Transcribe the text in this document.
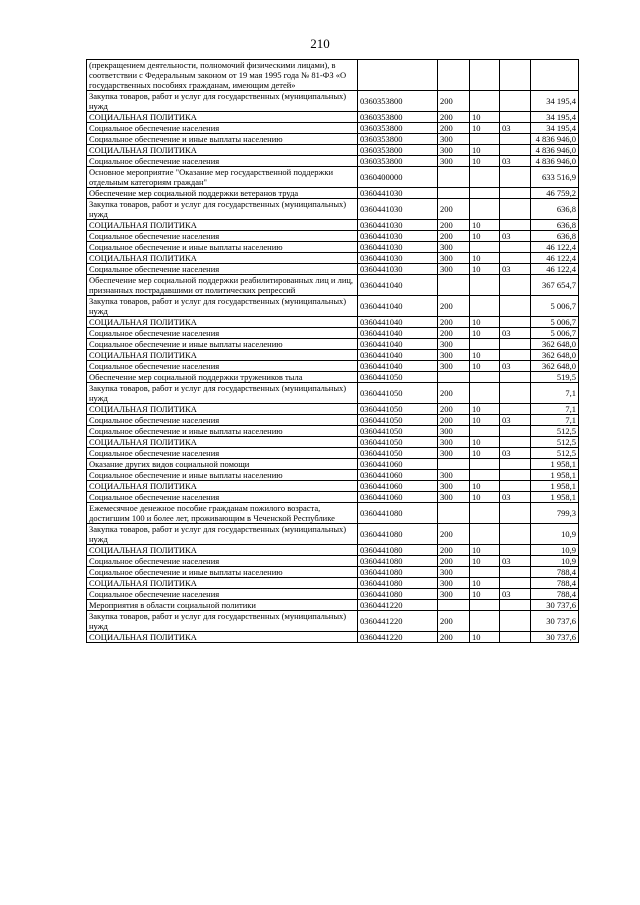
210
(прекращением деятельности, полномочий физическими лицами), в соответствии с Федеральным законом от 19 мая 1995 года № 81-ФЗ «О государственных пособиях гражданам, имеющим детей»					
Закупка товаров, работ и услуг для государственных (муниципальных) нужд	0360353800	200			34 195,4
СОЦИАЛЬНАЯ ПОЛИТИКА	0360353800	200	10		34 195,4
Социальное обеспечение населения	0360353800	200	10	03	34 195,4
Социальное обеспечение и иные выплаты населению	0360353800	300			4 836 946,0
СОЦИАЛЬНАЯ ПОЛИТИКА	0360353800	300	10		4 836 946,0
Социальное обеспечение населения	0360353800	300	10	03	4 836 946,0
Основное мероприятие "Оказание мер государственной поддержки отдельным категориям граждан"	0360400000				633 516,9
Обеспечение мер социальной поддержки ветеранов труда	0360441030				46 759,2
Закупка товаров, работ и услуг для государственных (муниципальных) нужд	0360441030	200			636,8
СОЦИАЛЬНАЯ ПОЛИТИКА	0360441030	200	10		636,8
Социальное обеспечение населения	0360441030	200	10	03	636,8
Социальное обеспечение и иные выплаты населению	0360441030	300			46 122,4
СОЦИАЛЬНАЯ ПОЛИТИКА	0360441030	300	10		46 122,4
Социальное обеспечение населения	0360441030	300	10	03	46 122,4
Обеспечение мер социальной поддержки реабилитированных лиц и лиц, признанных пострадавшими от политических репрессий	0360441040				367 654,7
Закупка товаров, работ и услуг для государственных (муниципальных) нужд	0360441040	200			5 006,7
СОЦИАЛЬНАЯ ПОЛИТИКА	0360441040	200	10		5 006,7
Социальное обеспечение населения	0360441040	200	10	03	5 006,7
Социальное обеспечение и иные выплаты населению	0360441040	300			362 648,0
СОЦИАЛЬНАЯ ПОЛИТИКА	0360441040	300	10		362 648,0
Социальное обеспечение населения	0360441040	300	10	03	362 648,0
Обеспечение мер социальной поддержки тружеников тыла	0360441050				519,5
Закупка товаров, работ и услуг для государственных (муниципальных) нужд	0360441050	200			7,1
СОЦИАЛЬНАЯ ПОЛИТИКА	0360441050	200	10		7,1
Социальное обеспечение населения	0360441050	200	10	03	7,1
Социальное обеспечение и иные выплаты населению	0360441050	300			512,5
СОЦИАЛЬНАЯ ПОЛИТИКА	0360441050	300	10		512,5
Социальное обеспечение населения	0360441050	300	10	03	512,5
Оказание других видов социальной помощи	0360441060				1 958,1
Социальное обеспечение и иные выплаты населению	0360441060	300			1 958,1
СОЦИАЛЬНАЯ ПОЛИТИКА	0360441060	300	10		1 958,1
Социальное обеспечение населения	0360441060	300	10	03	1 958,1
Ежемесячное денежное пособие гражданам пожилого возраста, достигшим 100 и более лет, проживающим в Чеченской Республике	0360441080				799,3
Закупка товаров, работ и услуг для государственных (муниципальных) нужд	0360441080	200			10,9
СОЦИАЛЬНАЯ ПОЛИТИКА	0360441080	200	10		10,9
Социальное обеспечение населения	0360441080	200	10	03	10,9
Социальное обеспечение и иные выплаты населению	0360441080	300			788,4
СОЦИАЛЬНАЯ ПОЛИТИКА	0360441080	300	10		788,4
Социальное обеспечение населения	0360441080	300	10	03	788,4
Мероприятия в области социальной политики	0360441220				30 737,6
Закупка товаров, работ и услуг для государственных (муниципальных) нужд	0360441220	200			30 737,6
СОЦИАЛЬНАЯ ПОЛИТИКА	0360441220	200	10		30 737,6
